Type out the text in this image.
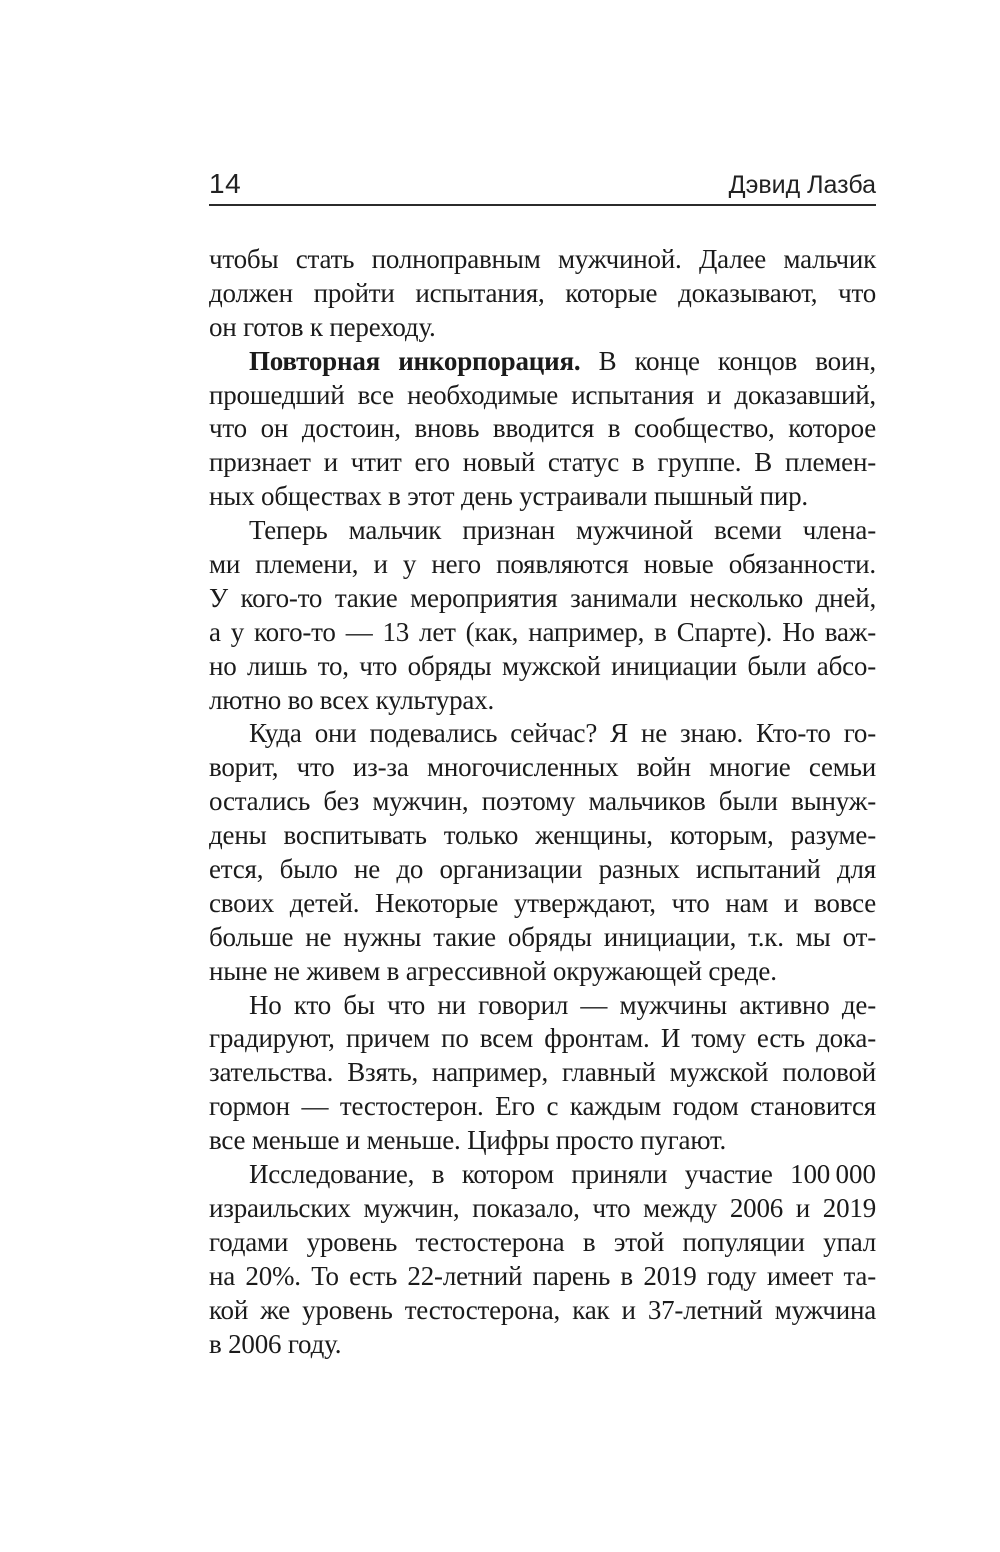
14	Дэвид Лазба
чтобы стать полноправным мужчиной. Далее мальчик
должен пройти испытания, которые доказывают, что
он готов к переходу.
Повторная инкорпорация. В конце концов воин,
прошедший все необходимые испытания и доказавший,
что он достоин, вновь вводится в сообщество, которое
признает и чтит его новый статус в группе. В племен-
ных обществах в этот день устраивали пышный пир.
Теперь мальчик признан мужчиной всеми члена-
ми племени, и у него появляются новые обязанности.
У кого-то такие мероприятия занимали несколько дней,
а у кого-то — 13 лет (как, например, в Спарте). Но важ-
но лишь то, что обряды мужской инициации были абсо-
лютно во всех культурах.
Куда они подевались сейчас? Я не знаю. Кто-то го-
ворит, что из-за многочисленных войн многие семьи
остались без мужчин, поэтому мальчиков были вынуж-
дены воспитывать только женщины, которым, разуме-
ется, было не до организации разных испытаний для
своих детей. Некоторые утверждают, что нам и вовсе
больше не нужны такие обряды инициации, т.к. мы от-
ныне не живем в агрессивной окружающей среде.
Но кто бы что ни говорил — мужчины активно де-
градируют, причем по всем фронтам. И тому есть дока-
зательства. Взять, например, главный мужской половой
гормон — тестостерон. Его с каждым годом становится
все меньше и меньше. Цифры просто пугают.
Исследование, в котором приняли участие 100 000
израильских мужчин, показало, что между 2006 и 2019
годами уровень тестостерона в этой популяции упал
на 20%. То есть 22-летний парень в 2019 году имеет та-
кой же уровень тестостерона, как и 37-летний мужчина
в 2006 году.
